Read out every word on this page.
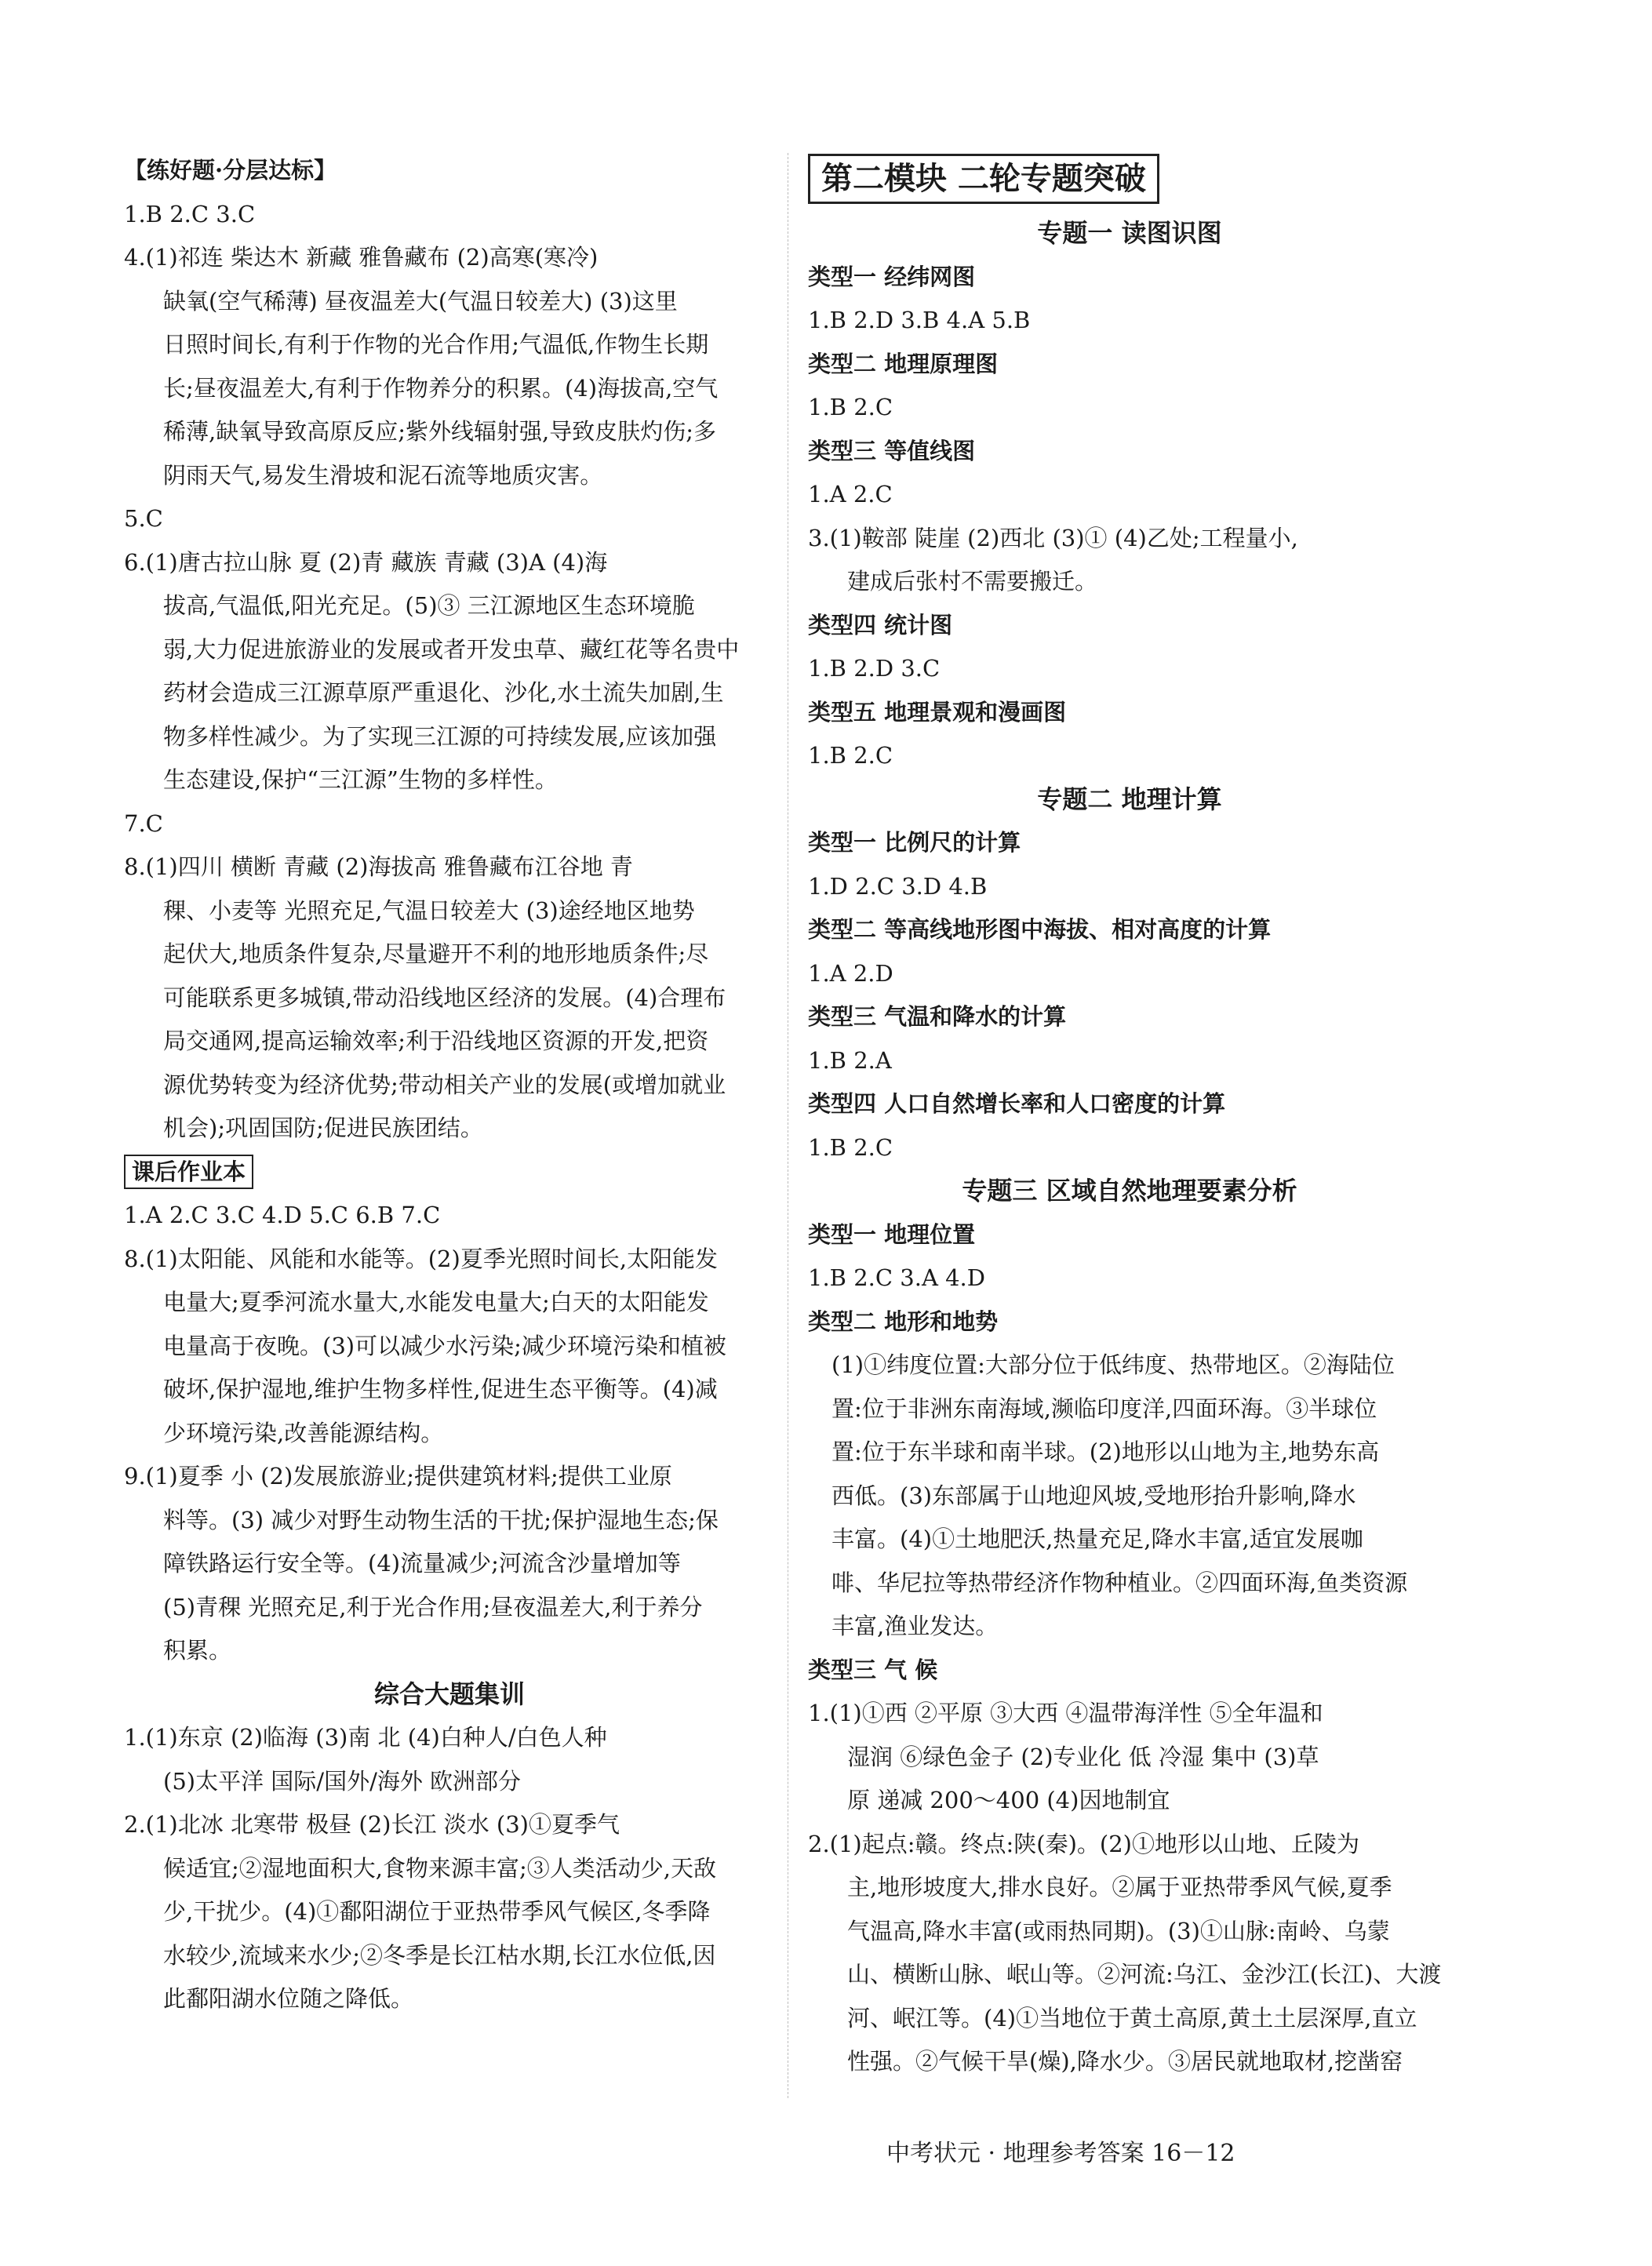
【练好题·分层达标】
1.B 2.C 3.C
4.(1)祁连 柴达木 新藏 雅鲁藏布 (2)高寒(寒冷)
缺氧(空气稀薄) 昼夜温差大(气温日较差大) (3)这里
日照时间长,有利于作物的光合作用;气温低,作物生长期
长;昼夜温差大,有利于作物养分的积累。(4)海拔高,空气
稀薄,缺氧导致高原反应;紫外线辐射强,导致皮肤灼伤;多
阴雨天气,易发生滑坡和泥石流等地质灾害。
5.C
6.(1)唐古拉山脉 夏 (2)青 藏族 青藏 (3)A (4)海
拔高,气温低,阳光充足。(5)③ 三江源地区生态环境脆
弱,大力促进旅游业的发展或者开发虫草、藏红花等名贵中
药材会造成三江源草原严重退化、沙化,水土流失加剧,生
物多样性减少。为了实现三江源的可持续发展,应该加强
生态建设,保护“三江源”生物的多样性。
7.C
8.(1)四川 横断 青藏 (2)海拔高 雅鲁藏布江谷地 青
稞、小麦等 光照充足,气温日较差大 (3)途经地区地势
起伏大,地质条件复杂,尽量避开不利的地形地质条件;尽
可能联系更多城镇,带动沿线地区经济的发展。(4)合理布
局交通网,提高运输效率;利于沿线地区资源的开发,把资
源优势转变为经济优势;带动相关产业的发展(或增加就业
机会);巩固国防;促进民族团结。
课后作业本
1.A 2.C 3.C 4.D 5.C 6.B 7.C
8.(1)太阳能、风能和水能等。(2)夏季光照时间长,太阳能发
电量大;夏季河流水量大,水能发电量大;白天的太阳能发
电量高于夜晚。(3)可以减少水污染;减少环境污染和植被
破坏,保护湿地,维护生物多样性,促进生态平衡等。(4)减
少环境污染,改善能源结构。
9.(1)夏季 小 (2)发展旅游业;提供建筑材料;提供工业原
料等。(3) 减少对野生动物生活的干扰;保护湿地生态;保
障铁路运行安全等。(4)流量减少;河流含沙量增加等
(5)青稞 光照充足,利于光合作用;昼夜温差大,利于养分
积累。
综合大题集训
1.(1)东京 (2)临海 (3)南 北 (4)白种人/白色人种
(5)太平洋 国际/国外/海外 欧洲部分
2.(1)北冰 北寒带 极昼 (2)长江 淡水 (3)①夏季气
候适宜;②湿地面积大,食物来源丰富;③人类活动少,天敌
少,干扰少。(4)①鄱阳湖位于亚热带季风气候区,冬季降
水较少,流域来水少;②冬季是长江枯水期,长江水位低,因
此鄱阳湖水位随之降低。
第二模块 二轮专题突破
专题一 读图识图
类型一 经纬网图
1.B 2.D 3.B 4.A 5.B
类型二 地理原理图
1.B 2.C
类型三 等值线图
1.A 2.C
3.(1)鞍部 陡崖 (2)西北 (3)① (4)乙处;工程量小,
建成后张村不需要搬迁。
类型四 统计图
1.B 2.D 3.C
类型五 地理景观和漫画图
1.B 2.C
专题二 地理计算
类型一 比例尺的计算
1.D 2.C 3.D 4.B
类型二 等高线地形图中海拔、相对高度的计算
1.A 2.D
类型三 气温和降水的计算
1.B 2.A
类型四 人口自然增长率和人口密度的计算
1.B 2.C
专题三 区域自然地理要素分析
类型一 地理位置
1.B 2.C 3.A 4.D
类型二 地形和地势
(1)①纬度位置:大部分位于低纬度、热带地区。②海陆位
置:位于非洲东南海域,濒临印度洋,四面环海。③半球位
置:位于东半球和南半球。(2)地形以山地为主,地势东高
西低。(3)东部属于山地迎风坡,受地形抬升影响,降水
丰富。(4)①土地肥沃,热量充足,降水丰富,适宜发展咖
啡、华尼拉等热带经济作物种植业。②四面环海,鱼类资源
丰富,渔业发达。
类型三 气 候
1.(1)①西 ②平原 ③大西 ④温带海洋性 ⑤全年温和
湿润 ⑥绿色金子 (2)专业化 低 冷湿 集中 (3)草
原 递减 200～400 (4)因地制宜
2.(1)起点:赣。终点:陕(秦)。(2)①地形以山地、丘陵为
主,地形坡度大,排水良好。②属于亚热带季风气候,夏季
气温高,降水丰富(或雨热同期)。(3)①山脉:南岭、乌蒙
山、横断山脉、岷山等。②河流:乌江、金沙江(长江)、大渡
河、岷江等。(4)①当地位于黄土高原,黄土土层深厚,直立
性强。②气候干旱(燥),降水少。③居民就地取材,挖凿窑
中考状元 · 地理参考答案 16－12
